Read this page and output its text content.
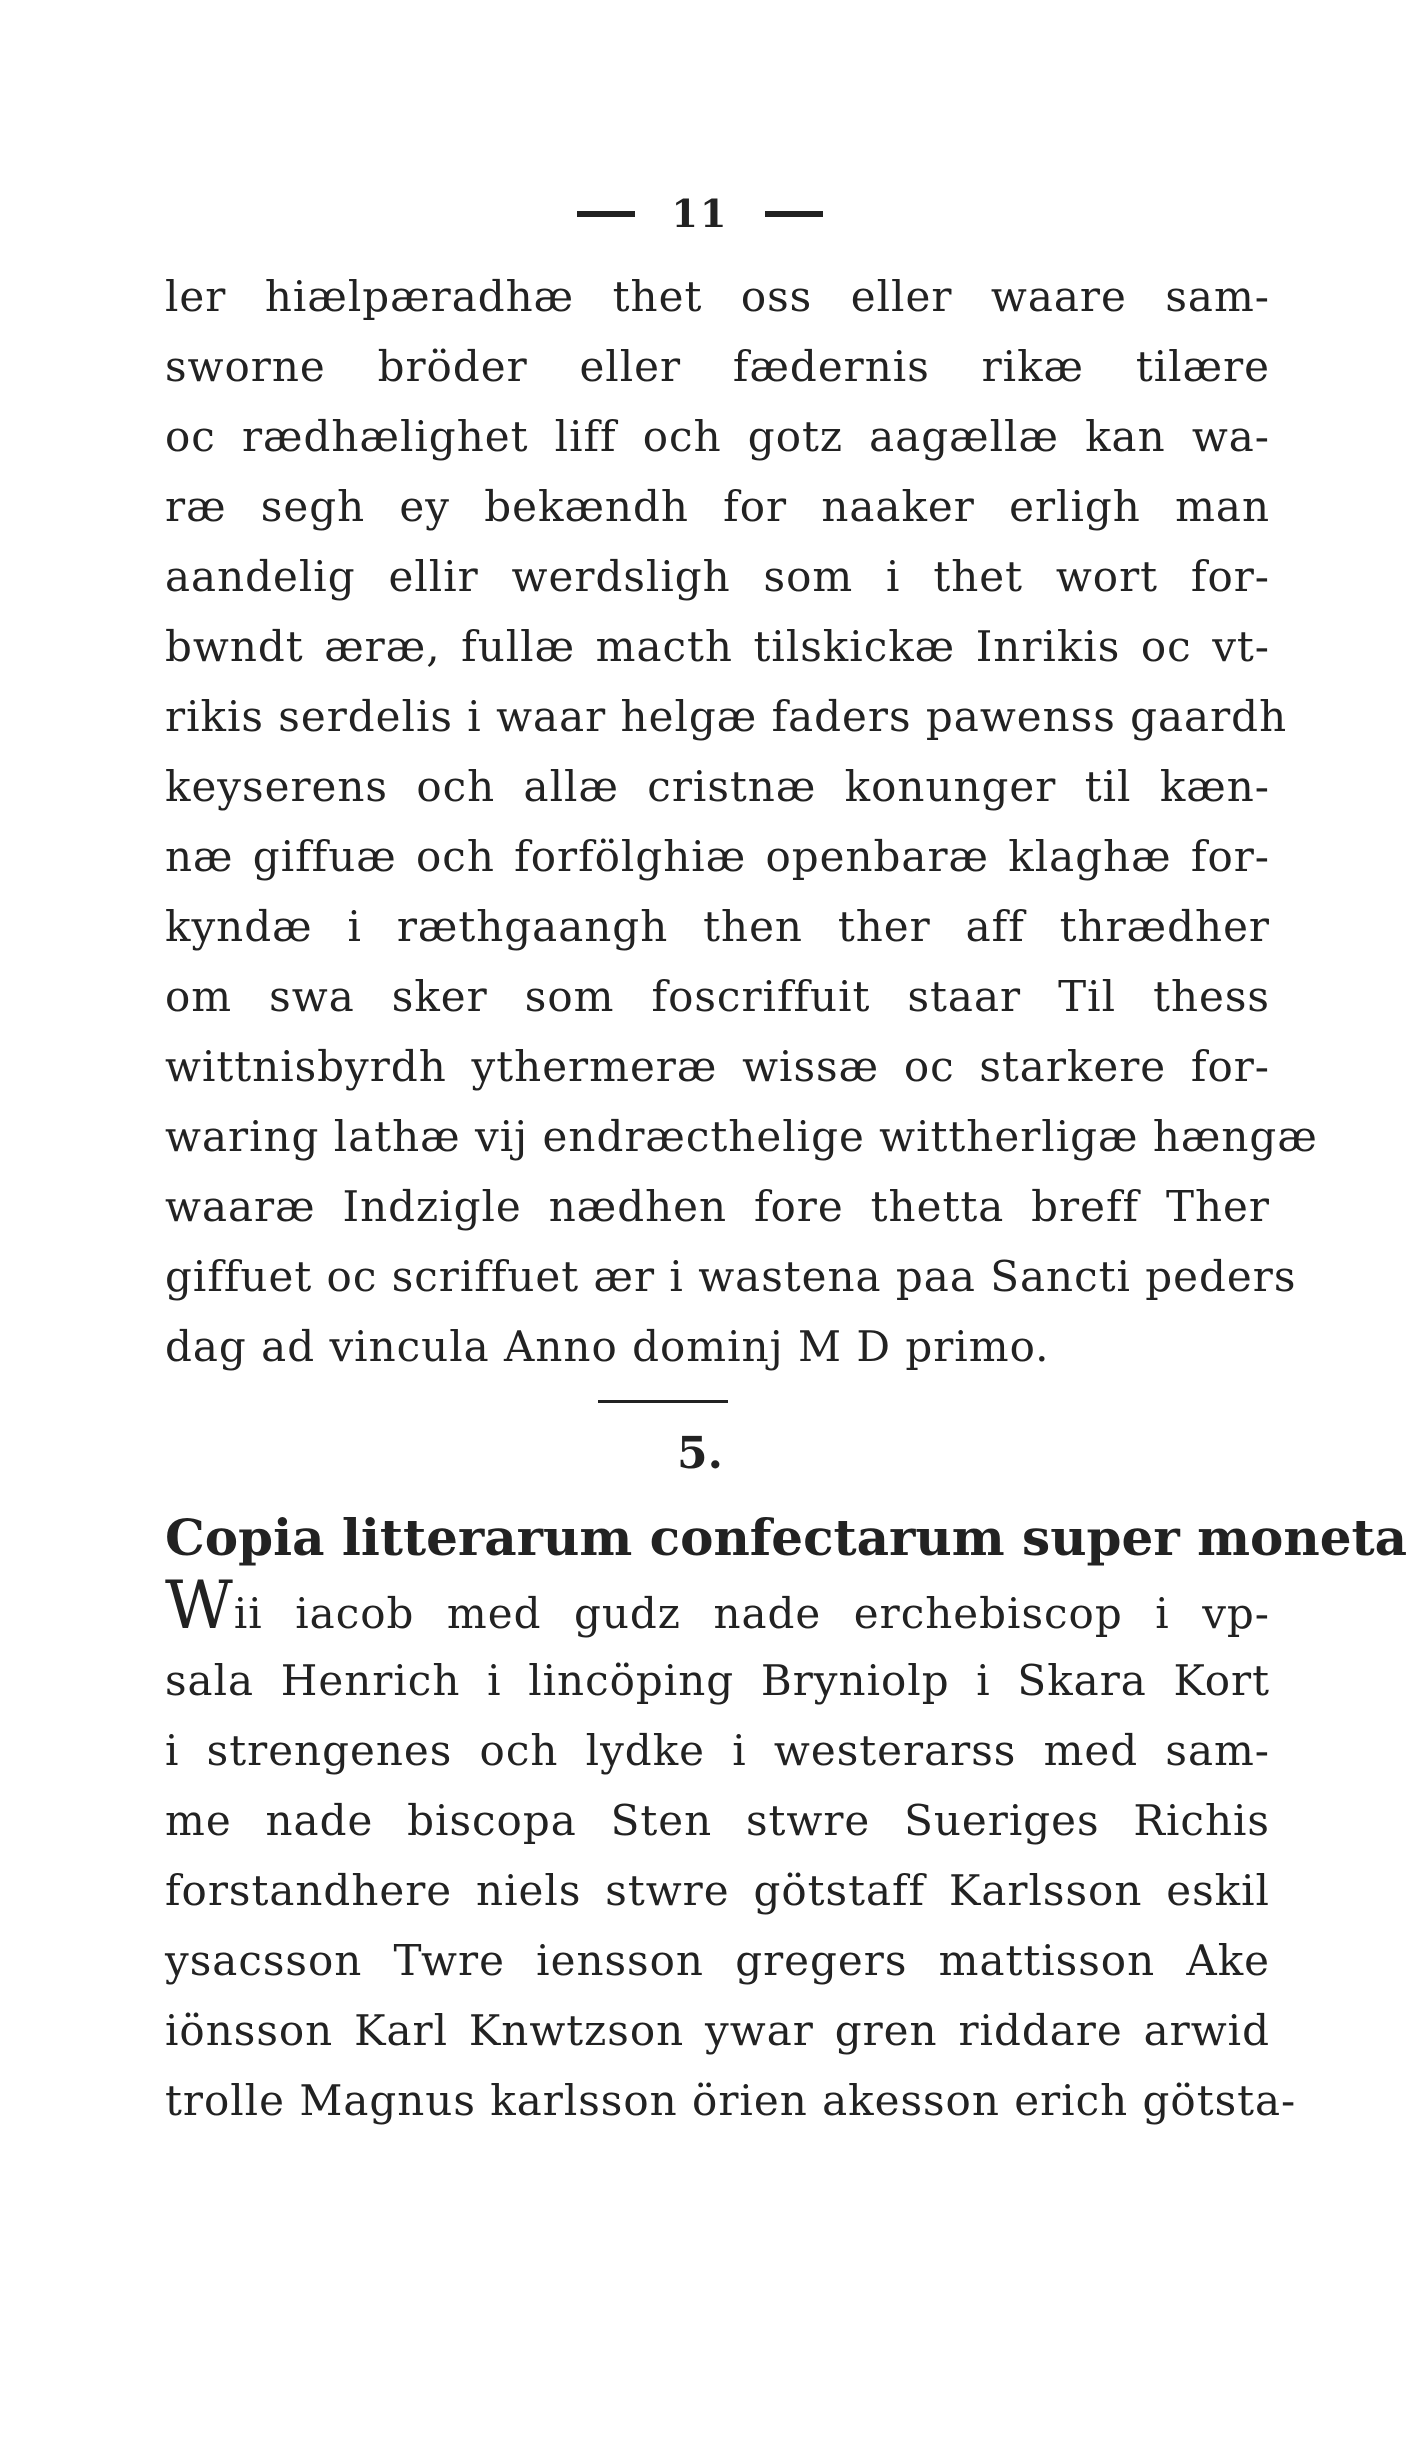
11
ler hiælpæradhæ thet oss eller waare sam-
sworne bröder eller fædernis rikæ tilære
oc rædhælighet liff och gotz aagællæ kan wa-
ræ segh ey bekændh for naaker erligh man
aandelig ellir werdsligh som i thet wort for-
bwndt æræ, fullæ macth tilskickæ Inrikis oc vt-
rikis serdelis i waar helgæ faders pawenss gaardh
keyserens och allæ cristnæ konunger til kæn-
næ giffuæ och forfölghiæ openbaræ klaghæ for-
kyndæ i ræthgaangh then ther aff thrædher
om swa sker som foscriffuit staar Til thess
wittnisbyrdh ythermeræ wissæ oc starkere for-
waring lathæ vij endræcthelige wittherligæ hængæ
waaræ Indzigle nædhen fore thetta breff Ther
giffuet oc scriffuet ær i wastena paa Sancti peders
dag ad vincula Anno dominj M D primo.
5.
Copia litterarum confectarum super moneta
Wii iacob med gudz nade erchebiscop i vp-
sala Henrich i lincöping Bryniolp i Skara Kort
i strengenes och lydke i westerarss med sam-
me nade biscopa Sten stwre Sueriges Richis
forstandhere niels stwre götstaff Karlsson eskil
ysacsson Twre iensson gregers mattisson Ake
iönsson Karl Knwtzson ywar gren riddare arwid
trolle Magnus karlsson örien akesson erich götsta-
